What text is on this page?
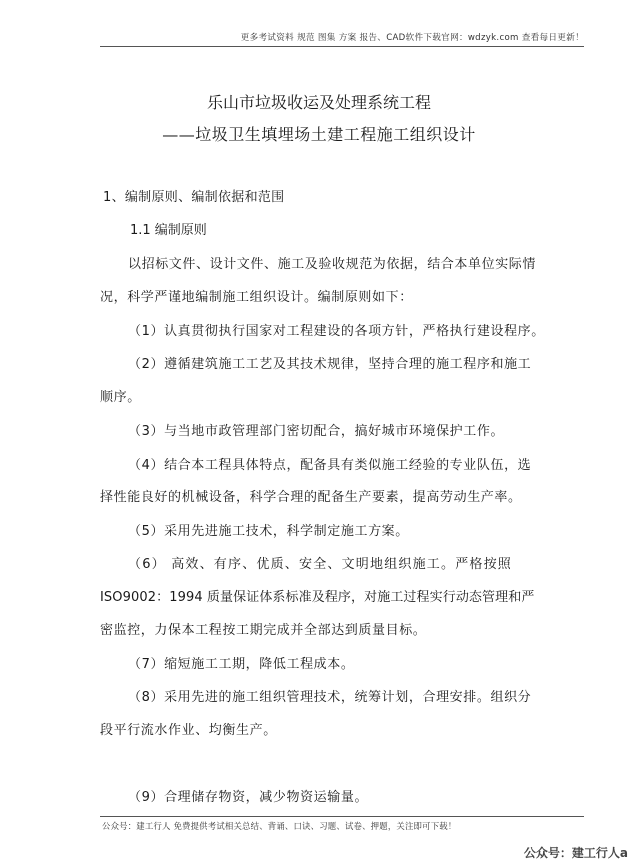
更多考试资料 规范 图集 方案 报告、CAD软件下载官网：wdzyk.com 查看每日更新！
乐山市垃圾收运及处理系统工程
——垃圾卫生填埋场土建工程施工组织设计
1、编制原则、编制依据和范围
1.1 编制原则
以招标文件、设计文件、施工及验收规范为依据，结合本单位实际情
况，科学严谨地编制施工组织设计。编制原则如下：
（1）认真贯彻执行国家对工程建设的各项方针，严格执行建设程序。
（2）遵循建筑施工工艺及其技术规律，坚持合理的施工程序和施工
顺序。
（3）与当地市政管理部门密切配合，搞好城市环境保护工作。
（4）结合本工程具体特点，配备具有类似施工经验的专业队伍，选
择性能良好的机械设备，科学合理的配备生产要素，提高劳动生产率。
（5）采用先进施工技术，科学制定施工方案。
（6） 高效、有序、优质、安全、文明地组织施工。严格按照
ISO9002：1994 质量保证体系标准及程序，对施工过程实行动态管理和严
密监控，力保本工程按工期完成并全部达到质量目标。
（7）缩短施工工期，降低工程成本。
（8）采用先进的施工组织管理技术，统筹计划，合理安排。组织分
段平行流水作业、均衡生产。
（9）合理储存物资，减少物资运输量。
公众号：建工行人 免费提供考试相关总结、背诵、口诀、习题、试卷、押题，关注即可下载！
公众号：建工行人a
